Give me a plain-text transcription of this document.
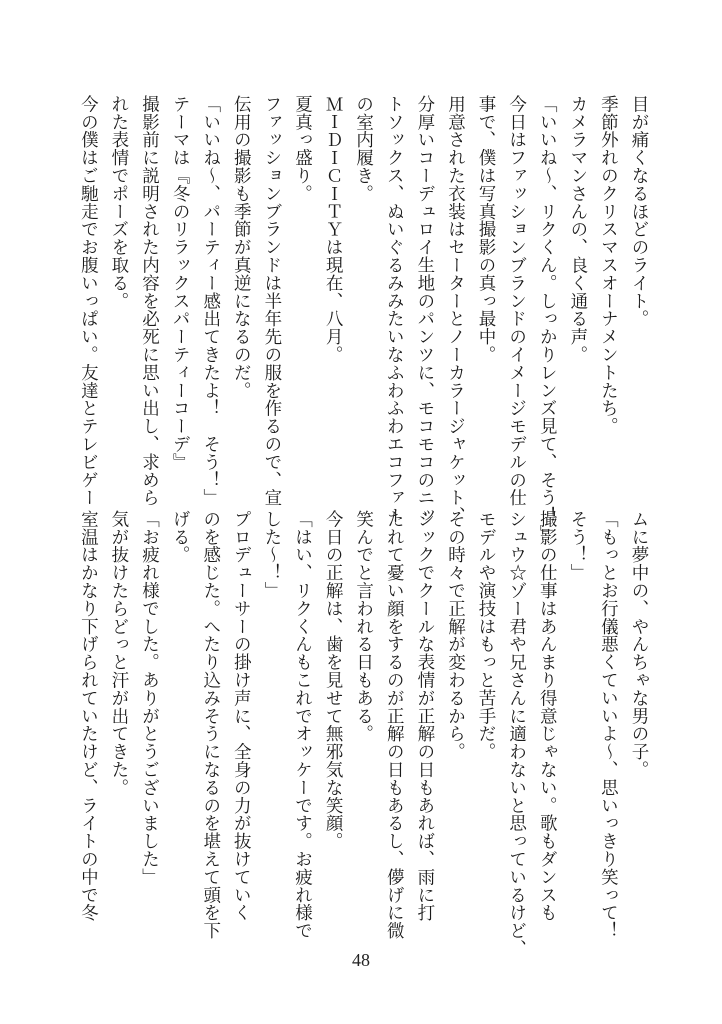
目が痛くなるほどのライト。
季節外れのクリスマスオーナメントたち。
カメラマンさんの、良く通る声。
「いいね～、リクくん。しっかりレンズ見て、そう！」
今日はファッションブランドのイメージモデルの仕
事で、僕は写真撮影の真っ最中。
用意された衣装はセーターとノーカラージャケット、
分厚いコーデュロイ生地のパンツに、モコモコのニッ
トソックス、ぬいぐるみみたいなふわふわエコファー
の室内履き。
ＭＩＤＩＣＩＴＹは現在、八月。
夏真っ盛り。
ファッションブランドは半年先の服を作るので、宣
伝用の撮影も季節が真逆になるのだ。
「いいね～、パーティー感出てきたよ！　そう！」
テーマは『冬のリラックスパーティーコーデ』
撮影前に説明された内容を必死に思い出し、求めら
れた表情でポーズを取る。
今の僕はご馳走でお腹いっぱい。友達とテレビゲー
ムに夢中の、やんちゃな男の子。
「もっとお行儀悪くていいよ～、思いっきり笑って！
そう！」
撮影の仕事はあんまり得意じゃない。歌もダンスも
シュウ☆ゾー君や兄さんに適わないと思っているけど、
モデルや演技はもっと苦手だ。
その時々で正解が変わるから。
シックでクールな表情が正解の日もあれば、雨に打
たれて憂い顔をするのが正解の日もあるし、儚げに微
笑んでと言われる日もある。
今日の正解は、歯を見せて無邪気な笑顔。
「はい、リクくんもこれでオッケーです。お疲れ様で
した～！」
プロデューサーの掛け声に、全身の力が抜けていく
のを感じた。へたり込みそうになるのを堪えて頭を下
げる。
「お疲れ様でした。ありがとうございました」
気が抜けたらどっと汗が出てきた。
室温はかなり下げられていたけど、ライトの中で冬
48
